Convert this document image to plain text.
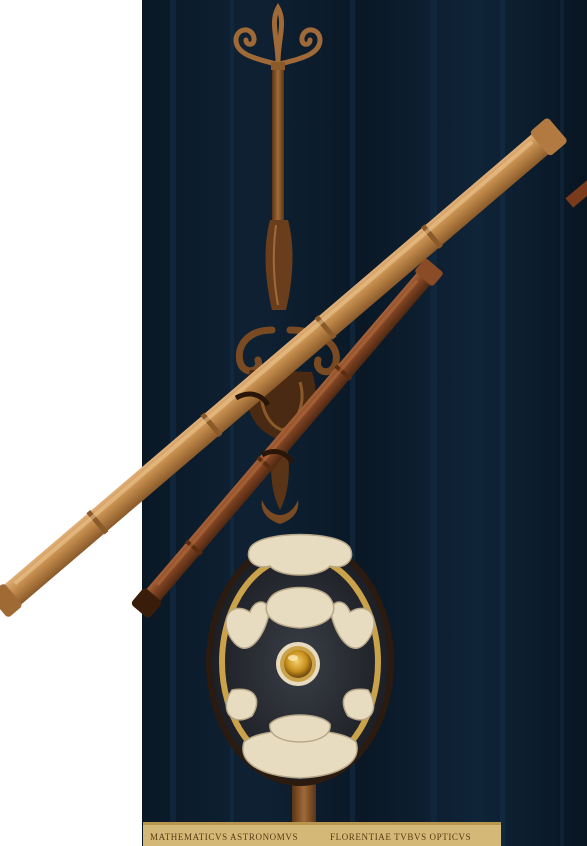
MATHEMATICVS ASTRONOMVS	FLORENTIAE TVBVS OPTICVS
